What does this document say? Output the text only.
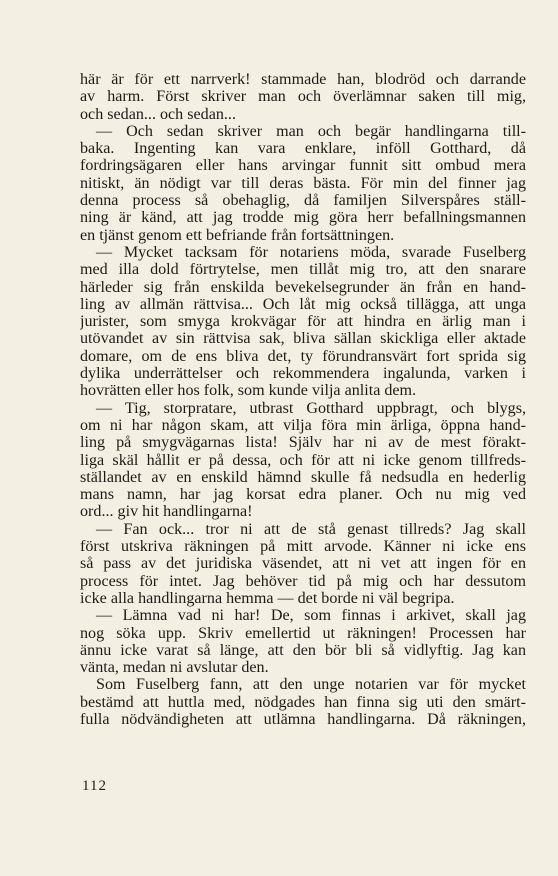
här är för ett narrverk! stammade han, blodröd och darrande
av harm. Först skriver man och överlämnar saken till mig,
och sedan... och sedan...
— Och sedan skriver man och begär handlingarna till-
baka. Ingenting kan vara enklare, inföll Gotthard, då
fordringsägaren eller hans arvingar funnit sitt ombud mera
nitiskt, än nödigt var till deras bästa. För min del finner jag
denna process så obehaglig, då familjen Silverspåres ställ-
ning är känd, att jag trodde mig göra herr befallningsmannen
en tjänst genom ett befriande från fortsättningen.
— Mycket tacksam för notariens möda, svarade Fuselberg
med illa dold förtrytelse, men tillåt mig tro, att den snarare
härleder sig från enskilda bevekelsegrunder än från en hand-
ling av allmän rättvisa... Och låt mig också tillägga, att unga
jurister, som smyga krokvägar för att hindra en ärlig man i
utövandet av sin rättvisa sak, bliva sällan skickliga eller aktade
domare, om de ens bliva det, ty förundransvärt fort sprida sig
dylika underrättelser och rekommendera ingalunda, varken i
hovrätten eller hos folk, som kunde vilja anlita dem.
— Tig, storpratare, utbrast Gotthard uppbragt, och blygs,
om ni har någon skam, att vilja föra min ärliga, öppna hand-
ling på smygvägarnas lista! Själv har ni av de mest förakt-
liga skäl hållit er på dessa, och för att ni icke genom tillfreds-
ställandet av en enskild hämnd skulle få nedsudla en hederlig
mans namn, har jag korsat edra planer. Och nu mig ved
ord... giv hit handlingarna!
— Fan ock... tror ni att de stå genast tillreds? Jag skall
först utskriva räkningen på mitt arvode. Känner ni icke ens
så pass av det juridiska väsendet, att ni vet att ingen för en
process för intet. Jag behöver tid på mig och har dessutom
icke alla handlingarna hemma — det borde ni väl begripa.
— Lämna vad ni har! De, som finnas i arkivet, skall jag
nog söka upp. Skriv emellertid ut räkningen! Processen har
ännu icke varat så länge, att den bör bli så vidlyftig. Jag kan
vänta, medan ni avslutar den.
Som Fuselberg fann, att den unge notarien var för mycket
bestämd att huttla med, nödgades han finna sig uti den smärt-
fulla nödvändigheten att utlämna handlingarna. Då räkningen,
112
